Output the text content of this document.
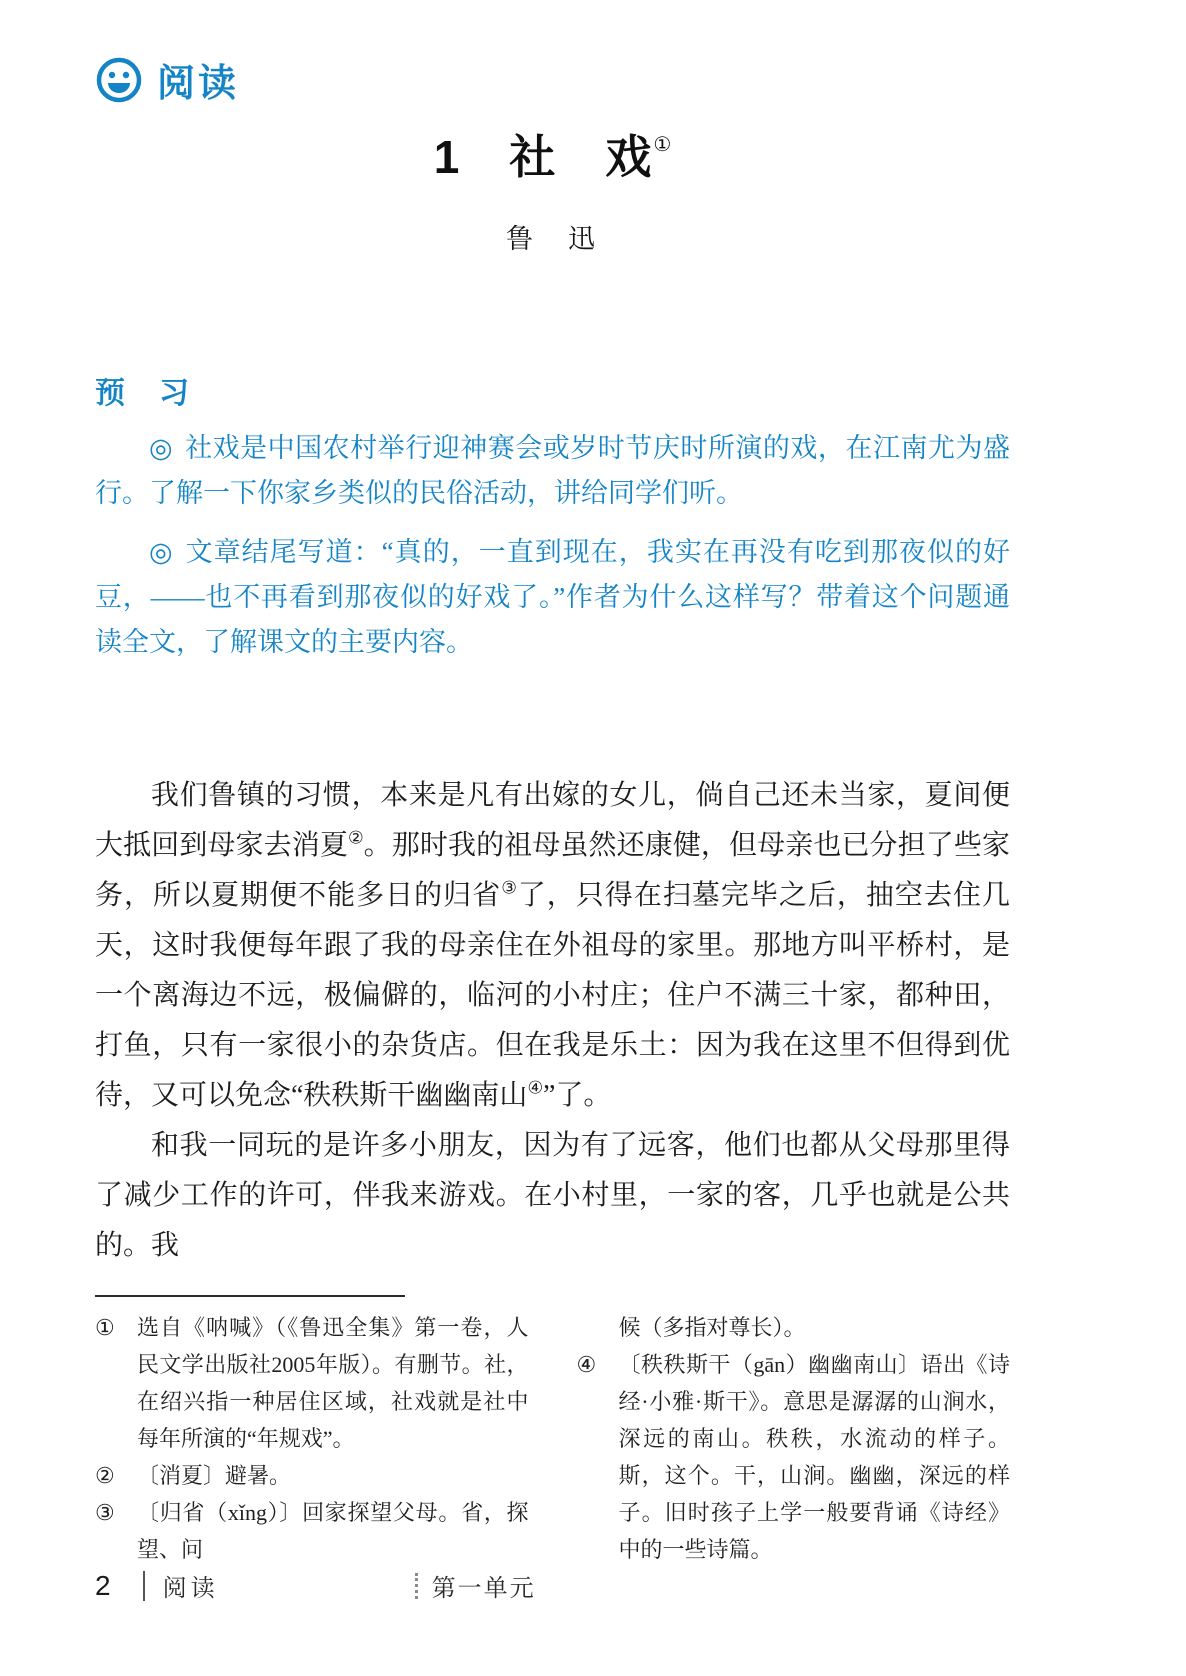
阅读
1　社　戏①
鲁　迅
预　习

◎ 社戏是中国农村举行迎神赛会或岁时节庆时所演的戏，在江南尤为盛行。了解一下你家乡类似的民俗活动，讲给同学们听。

◎ 文章结尾写道：“真的，一直到现在，我实在再没有吃到那夜似的好豆，——也不再看到那夜似的好戏了。”作者为什么这样写？带着这个问题通读全文，了解课文的主要内容。

我们鲁镇的习惯，本来是凡有出嫁的女儿，倘自己还未当家，夏间便大抵回到母家去消夏②。那时我的祖母虽然还康健，但母亲也已分担了些家务，所以夏期便不能多日的归省③了，只得在扫墓完毕之后，抽空去住几天，这时我便每年跟了我的母亲住在外祖母的家里。那地方叫平桥村，是一个离海边不远，极偏僻的，临河的小村庄；住户不满三十家，都种田，打鱼，只有一家很小的杂货店。但在我是乐土：因为我在这里不但得到优待，又可以免念“秩秩斯干幽幽南山④”了。

和我一同玩的是许多小朋友，因为有了远客，他们也都从父母那里得了减少工作的许可，伴我来游戏。在小村里，一家的客，几乎也就是公共的。我

①	选自《呐喊》（《鲁迅全集》第一卷，人民文学出版社2005年版）。有删节。社，在绍兴指一种居住区域，社戏就是社中每年所演的“年规戏”。
②	〔消夏〕避暑。
③	〔归省（xǐng）〕回家探望父母。省，探望、问
候（多指对尊长）。
④	〔秩秩斯干（gān）幽幽南山〕语出《诗经·小雅·斯干》。意思是潺潺的山涧水，深远的南山。秩秩，水流动的样子。斯，这个。干，山涧。幽幽，深远的样子。旧时孩子上学一般要背诵《诗经》中的一些诗篇。
2 阅读	第一单元
